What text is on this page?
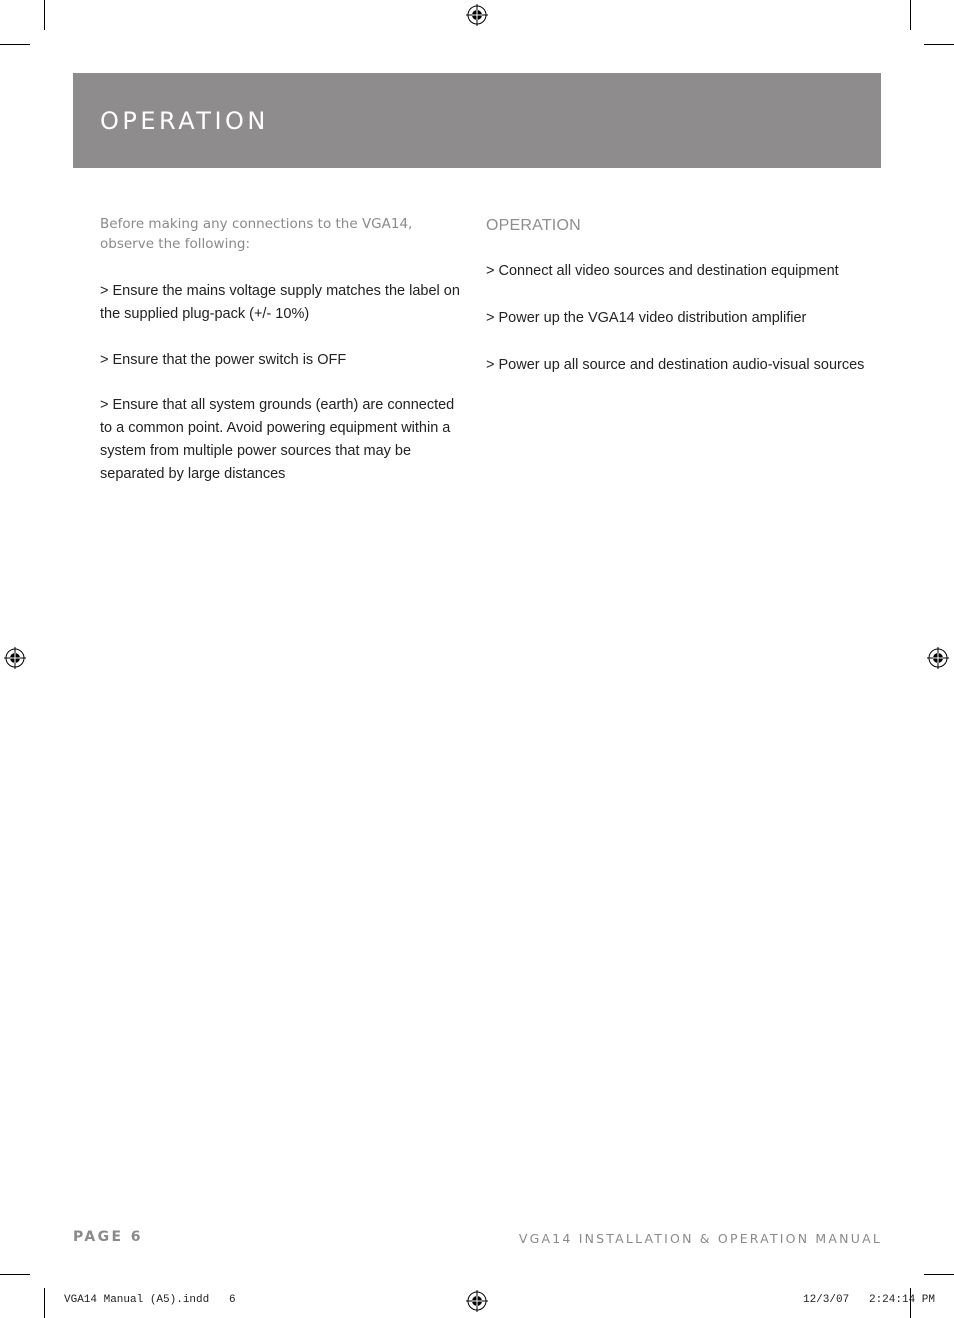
OPERATION

Before making any connections to the VGA14, observe the following:

> Ensure the mains voltage supply matches the label on the supplied plug-pack (+/- 10%)

> Ensure that the power switch is OFF

> Ensure that all system grounds (earth) are connected to a common point. Avoid powering equipment within a system from multiple power sources that may be separated by large distances

OPERATION

> Connect all video sources and destination equipment

> Power up the VGA14 video distribution amplifier

> Power up all source and destination audio-visual sources

PAGE 6	VGA14 INSTALLATION & OPERATION MANUAL
VGA14 Manual (A5).indd   6	12/3/07   2:24:14 PM
